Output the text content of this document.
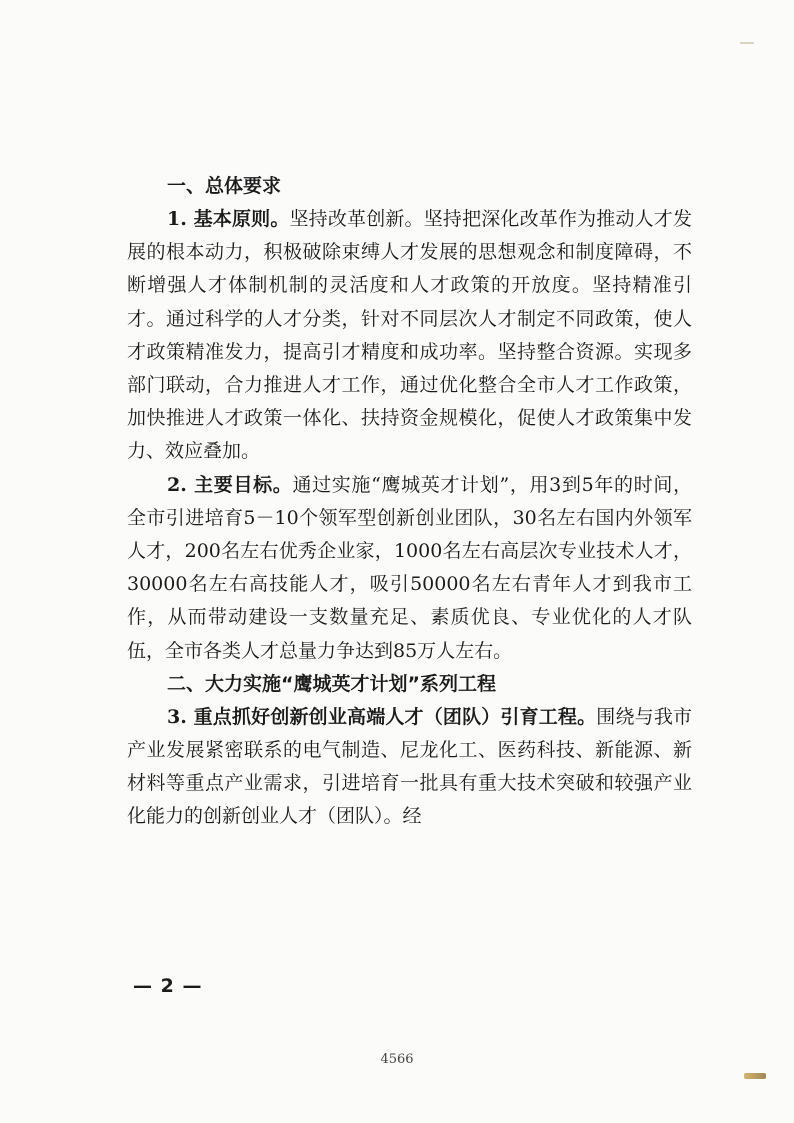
一、总体要求

1. 基本原则。坚持改革创新。坚持把深化改革作为推动人才发展的根本动力，积极破除束缚人才发展的思想观念和制度障碍，不断增强人才体制机制的灵活度和人才政策的开放度。坚持精准引才。通过科学的人才分类，针对不同层次人才制定不同政策，使人才政策精准发力，提高引才精度和成功率。坚持整合资源。实现多部门联动，合力推进人才工作，通过优化整合全市人才工作政策，加快推进人才政策一体化、扶持资金规模化，促使人才政策集中发力、效应叠加。

2. 主要目标。通过实施“鹰城英才计划”，用3到5年的时间，全市引进培育5－10个领军型创新创业团队，30名左右国内外领军人才，200名左右优秀企业家，1000名左右高层次专业技术人才，30000名左右高技能人才，吸引50000名左右青年人才到我市工作，从而带动建设一支数量充足、素质优良、专业优化的人才队伍，全市各类人才总量力争达到85万人左右。

二、大力实施“鹰城英才计划”系列工程

3. 重点抓好创新创业高端人才（团队）引育工程。围绕与我市产业发展紧密联系的电气制造、尼龙化工、医药科技、新能源、新材料等重点产业需求，引进培育一批具有重大技术突破和较强产业化能力的创新创业人才（团队）。经

— 2 —
4566
